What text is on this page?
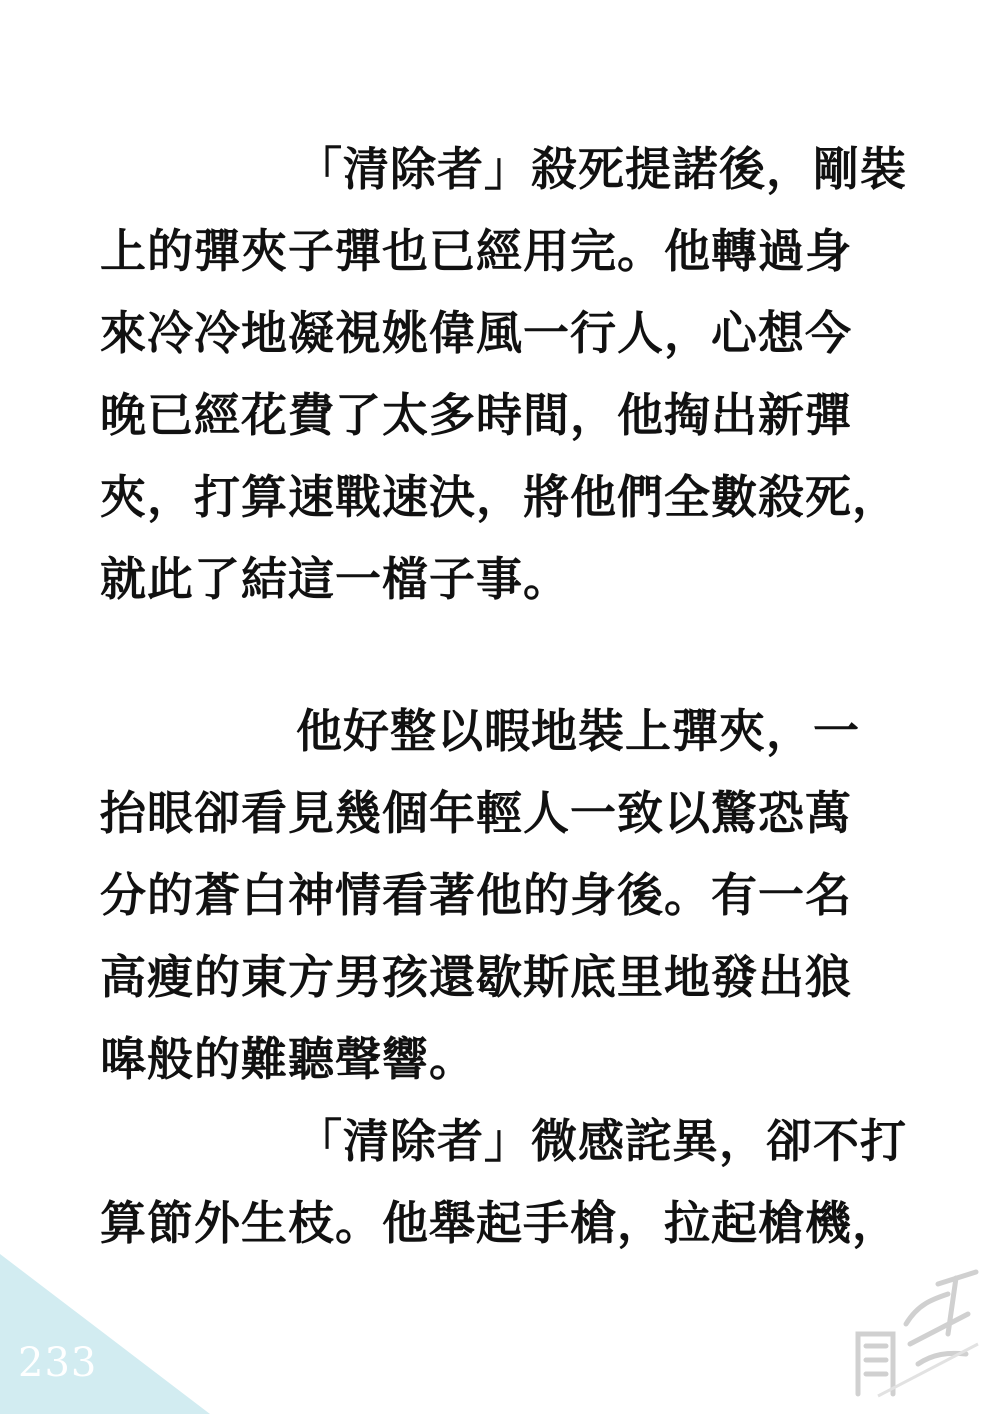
「清除者」殺死提諾後，剛裝
上的彈夾子彈也已經用完。他轉過身
來冷冷地凝視姚偉風一行人，心想今
晚已經花費了太多時間，他掏出新彈
夾，打算速戰速決，將他們全數殺死，
就此了結這一檔子事。
他好整以暇地裝上彈夾，一
抬眼卻看見幾個年輕人一致以驚恐萬
分的蒼白神情看著他的身後。有一名
高瘦的東方男孩還歇斯底里地發出狼
嗥般的難聽聲響。
「清除者」微感詫異，卻不打
算節外生枝。他舉起手槍，拉起槍機，
233
